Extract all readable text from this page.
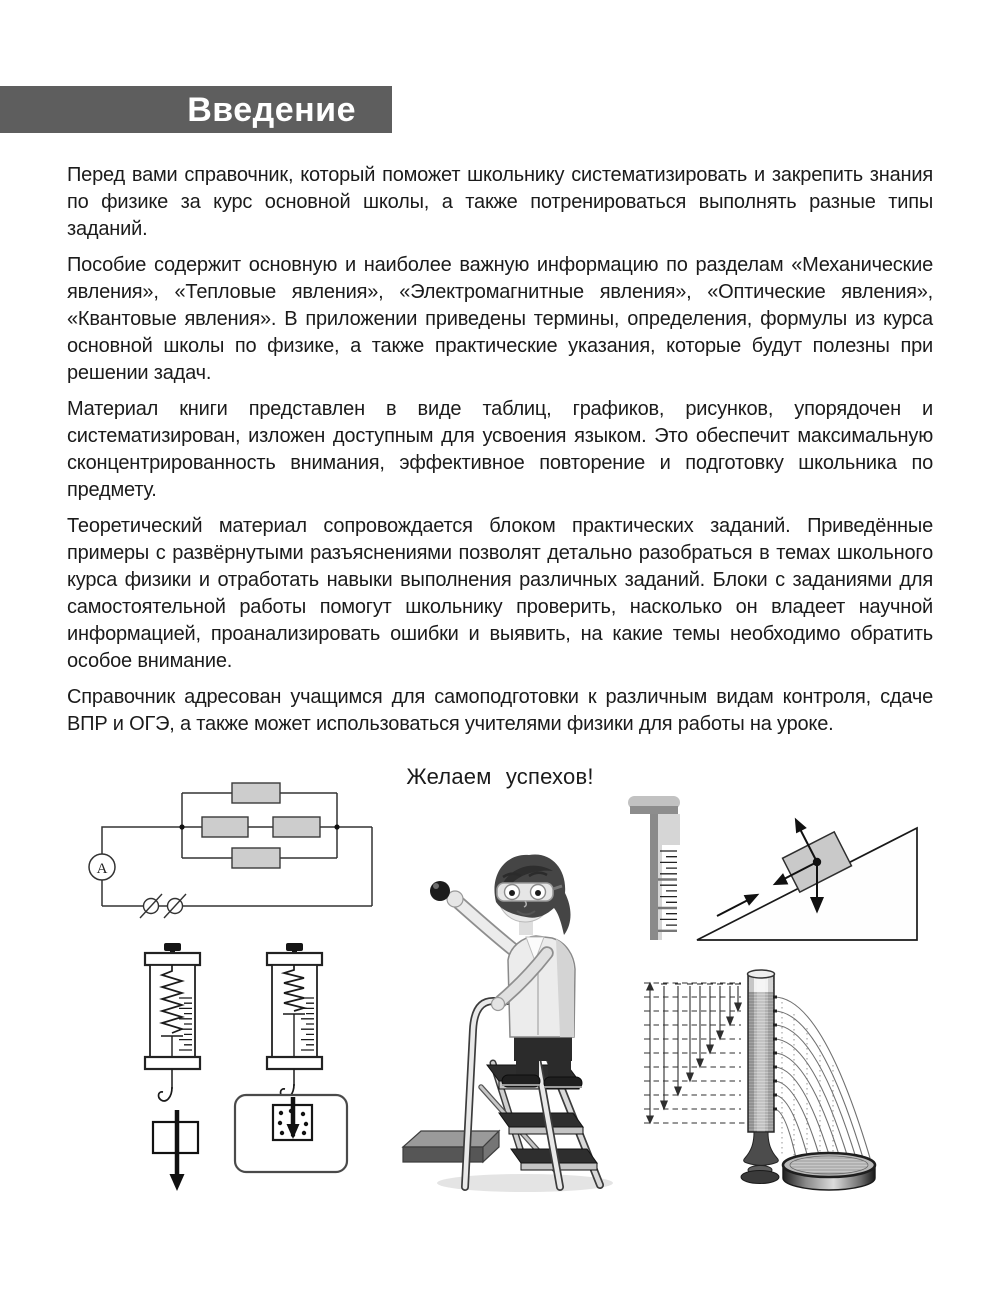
Введение

Перед вами справочник, который поможет школьнику систематизировать и закрепить знания по физике за курс основной школы, а также потренироваться выполнять разные типы заданий.

Пособие содержит основную и наиболее важную информацию по разделам «Механические явления», «Тепловые явления», «Электромагнитные явления», «Оптические явления», «Квантовые явления». В приложении приведены термины, определения, формулы из курса основной школы по физике, а также практические указания, которые будут полезны при решении задач.

Материал книги представлен в виде таблиц, графиков, рисунков, упорядочен и систематизирован, изложен доступным для усвоения языком. Это обеспечит максимальную сконцентрированность внимания, эффективное повторение и подготовку школьника по предмету.

Теоретический материал сопровождается блоком практических заданий. Приведённые примеры с развёрнутыми разъяснениями позволят детально разобраться в темах школьного курса физики и отработать навыки выполнения различных заданий. Блоки с заданиями для самостоятельной работы помогут школьнику проверить, насколько он владеет научной информацией, проанализировать ошибки и выявить, на какие темы необходимо обратить особое внимание.

Справочник адресован учащимся для самоподготовки к различным видам контроля, сдаче ВПР и ОГЭ, а также может использоваться учителями физики для работы на уроке.

Желаем успехов!
А
